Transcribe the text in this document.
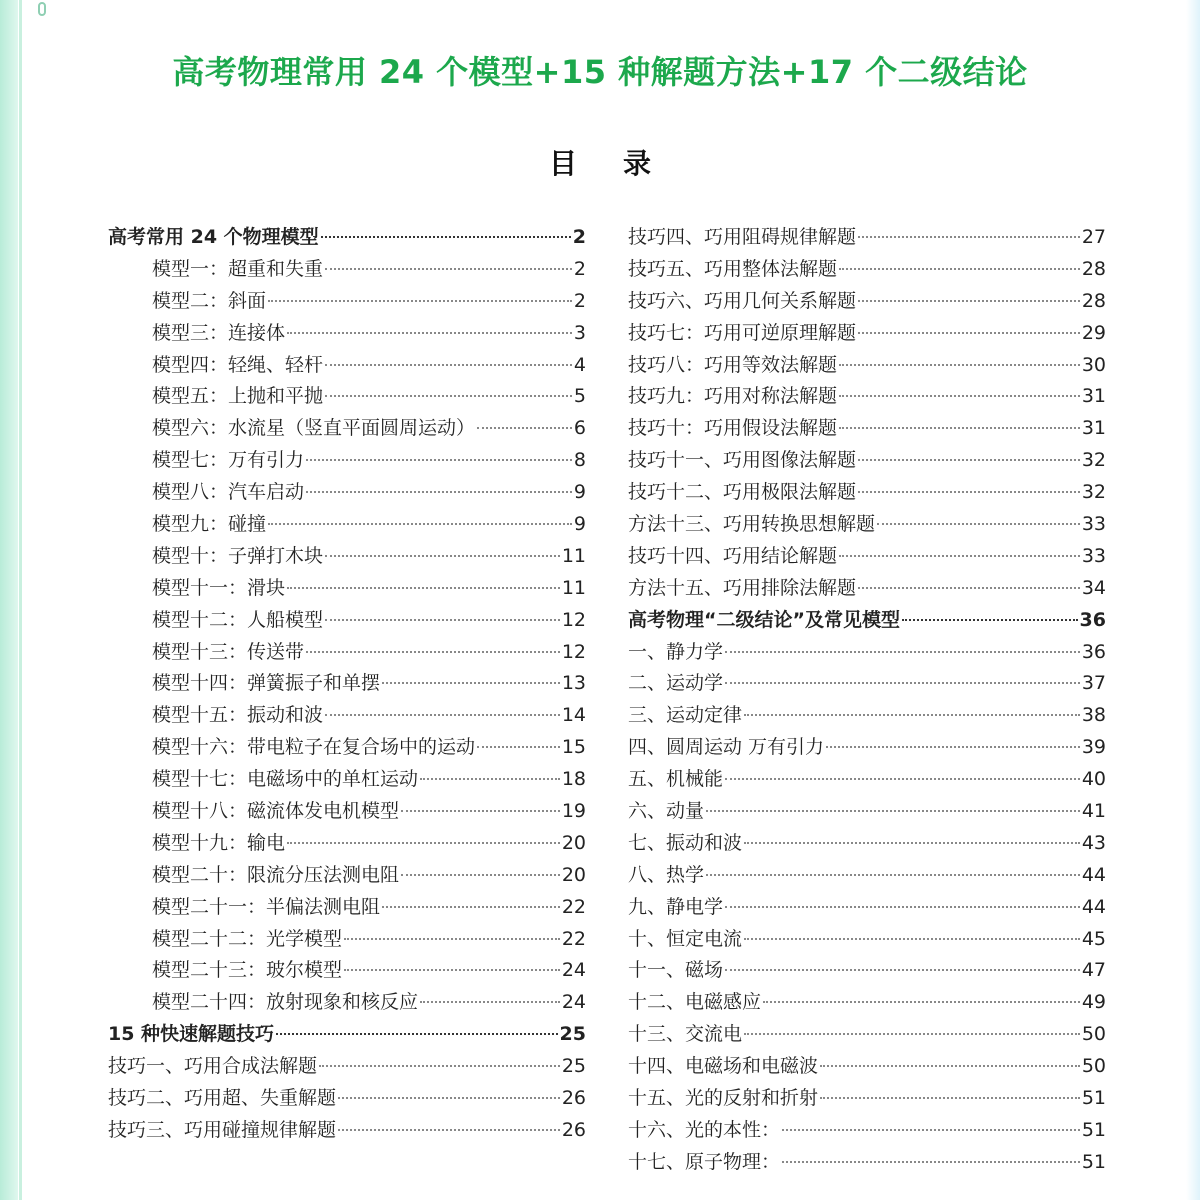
高考物理常用 24 个模型+15 种解题方法+17 个二级结论
目录
高考常用 24 个物理模型	2
模型一：超重和失重	2
模型二：斜面	2
模型三：连接体	3
模型四：轻绳、轻杆	4
模型五：上抛和平抛	5
模型六：水流星（竖直平面圆周运动）	6
模型七：万有引力	8
模型八：汽车启动	9
模型九：碰撞	9
模型十：子弹打木块	11
模型十一：滑块	11
模型十二：人船模型	12
模型十三：传送带	12
模型十四：弹簧振子和单摆	13
模型十五：振动和波	14
模型十六：带电粒子在复合场中的运动	15
模型十七：电磁场中的单杠运动	18
模型十八：磁流体发电机模型	19
模型十九：输电	20
模型二十：限流分压法测电阻	20
模型二十一：半偏法测电阻	22
模型二十二：光学模型	22
模型二十三：玻尔模型	24
模型二十四：放射现象和核反应	24
15 种快速解题技巧	25
技巧一、巧用合成法解题	25
技巧二、巧用超、失重解题	26
技巧三、巧用碰撞规律解题	26
技巧四、巧用阻碍规律解题	27
技巧五、巧用整体法解题	28
技巧六、巧用几何关系解题	28
技巧七：巧用可逆原理解题	29
技巧八：巧用等效法解题	30
技巧九：巧用对称法解题	31
技巧十：巧用假设法解题	31
技巧十一、巧用图像法解题	32
技巧十二、巧用极限法解题	32
方法十三、巧用转换思想解题	33
技巧十四、巧用结论解题	33
方法十五、巧用排除法解题	34
高考物理“二级结论”及常见模型	36
一、静力学	36
二、运动学	37
三、运动定律	38
四、圆周运动 万有引力	39
五、机械能	40
六、动量	41
七、振动和波	43
八、热学	44
九、静电学	44
十、恒定电流	45
十一、磁场	47
十二、电磁感应	49
十三、交流电	50
十四、电磁场和电磁波	50
十五、光的反射和折射	51
十六、光的本性：	51
十七、原子物理：	51
